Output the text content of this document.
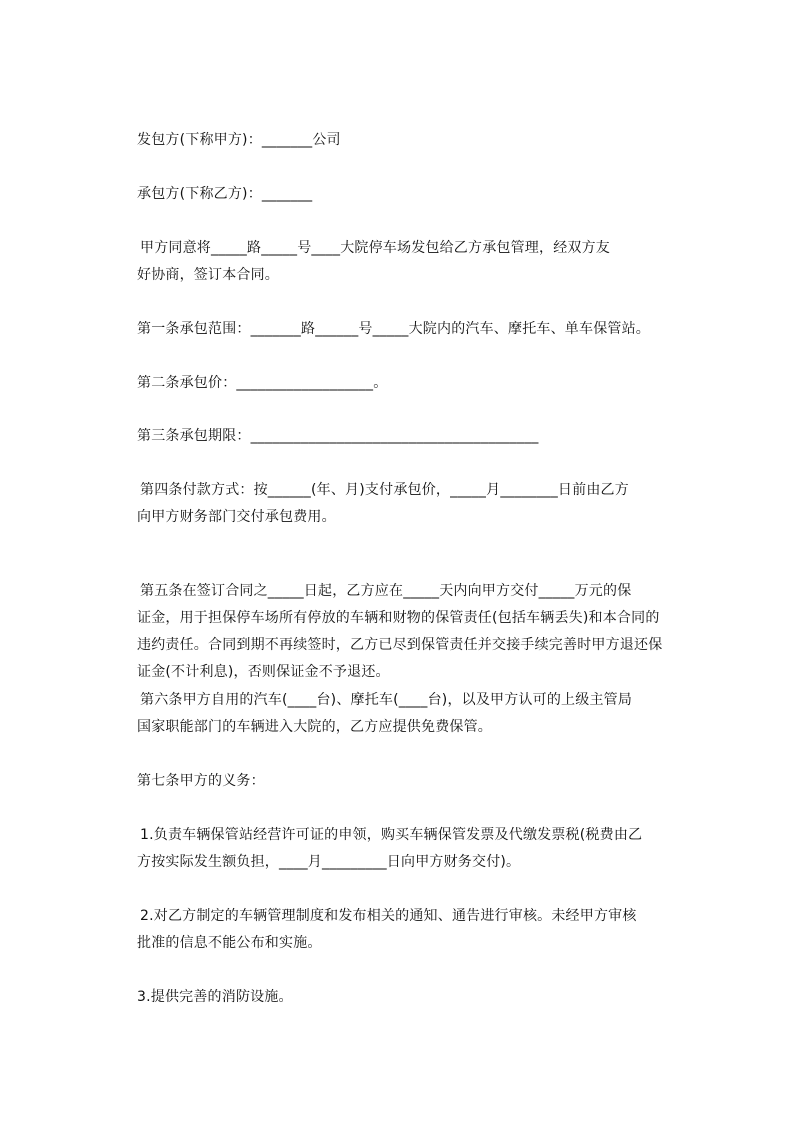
发包方(下称甲方)：_______公司
承包方(下称乙方)：_______
甲方同意将_____路_____号____大院停车场发包给乙方承包管理，经双方友
好协商，签订本合同。
第一条承包范围：_______路______号_____大院内的汽车、摩托车、单车保管站。
第二条承包价：___________________。
第三条承包期限：________________________________________
第四条付款方式：按______(年、月)支付承包价，_____月________日前由乙方
向甲方财务部门交付承包费用。
第五条在签订合同之_____日起，乙方应在_____天内向甲方交付_____万元的保
证金，用于担保停车场所有停放的车辆和财物的保管责任(包括车辆丢失)和本合同的
违约责任。合同到期不再续签时，乙方已尽到保管责任并交接手续完善时甲方退还保
证金(不计利息)，否则保证金不予退还。
第六条甲方自用的汽车(____台)、摩托车(____台)，以及甲方认可的上级主管局
国家职能部门的车辆进入大院的，乙方应提供免费保管。
第七条甲方的义务：
1.负责车辆保管站经营许可证的申领，购买车辆保管发票及代缴发票税(税费由乙
方按实际发生额负担，____月_________日向甲方财务交付)。
2.对乙方制定的车辆管理制度和发布相关的通知、通告进行审核。未经甲方审核
批准的信息不能公布和实施。
3.提供完善的消防设施。
